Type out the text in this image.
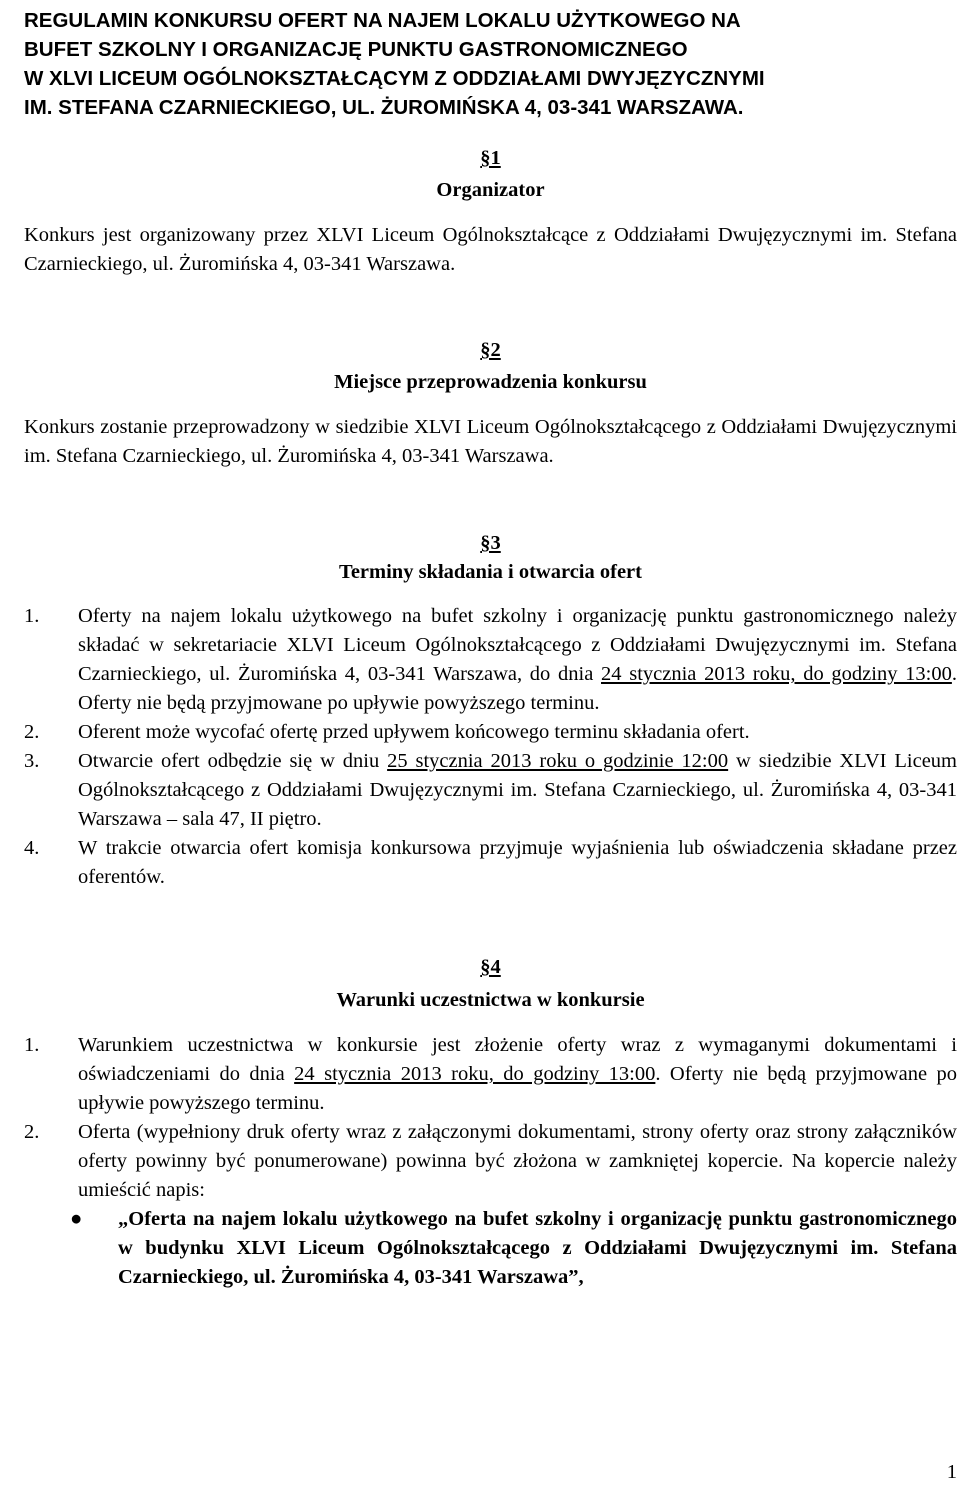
REGULAMIN KONKURSU OFERT NA NAJEM LOKALU UŻYTKOWEGO NA
BUFET SZKOLNY I ORGANIZACJĘ PUNKTU GASTRONOMICZNEGO
W XLVI LICEUM OGÓLNOKSZTAŁCĄCYM Z ODDZIAŁAMI DWYJĘZYCZNYMI
IM. STEFANA CZARNIECKIEGO, UL. ŻUROMIŃSKA 4, 03-341 WARSZAWA.
§1
Organizator

Konkurs jest organizowany przez XLVI Liceum Ogólnokształcące z Oddziałami Dwujęzycznymi im. Stefana Czarnieckiego, ul. Żuromińska 4, 03-341 Warszawa.

§2
Miejsce przeprowadzenia konkursu

Konkurs zostanie przeprowadzony w siedzibie XLVI Liceum Ogólnokształcącego z Oddziałami Dwujęzycznymi im. Stefana Czarnieckiego, ul. Żuromińska 4, 03-341 Warszawa.

§3
Terminy składania i otwarcia ofert
1. Oferty na najem lokalu użytkowego na bufet szkolny i organizację punktu gastronomicznego należy składać w sekretariacie XLVI Liceum Ogólnokształcącego z Oddziałami Dwujęzycznymi im. Stefana Czarnieckiego, ul. Żuromińska 4, 03-341 Warszawa, do dnia 24 stycznia 2013 roku, do godziny 13:00. Oferty nie będą przyjmowane po upływie powyższego terminu.
2. Oferent może wycofać ofertę przed upływem końcowego terminu składania ofert.
3. Otwarcie ofert odbędzie się w dniu 25 stycznia 2013 roku o godzinie 12:00 w siedzibie XLVI Liceum Ogólnokształcącego z Oddziałami Dwujęzycznymi im. Stefana Czarnieckiego, ul. Żuromińska 4, 03-341 Warszawa – sala 47, II piętro.
4. W trakcie otwarcia ofert komisja konkursowa przyjmuje wyjaśnienia lub oświadczenia składane przez oferentów.
§4
Warunki uczestnictwa w konkursie
1. Warunkiem uczestnictwa w konkursie jest złożenie oferty wraz z wymaganymi dokumentami i oświadczeniami do dnia 24 stycznia 2013 roku, do godziny 13:00. Oferty nie będą przyjmowane po upływie powyższego terminu.
2. Oferta (wypełniony druk oferty wraz z załączonymi dokumentami, strony oferty oraz strony załączników oferty powinny być ponumerowane) powinna być złożona w zamkniętej kopercie. Na kopercie należy umieścić napis:
● „Oferta na najem lokalu użytkowego na bufet szkolny i organizację punktu gastronomicznego w budynku XLVI Liceum Ogólnokształcącego z Oddziałami Dwujęzycznymi im. Stefana Czarnieckiego, ul. Żuromińska 4, 03-341 Warszawa”,
1
